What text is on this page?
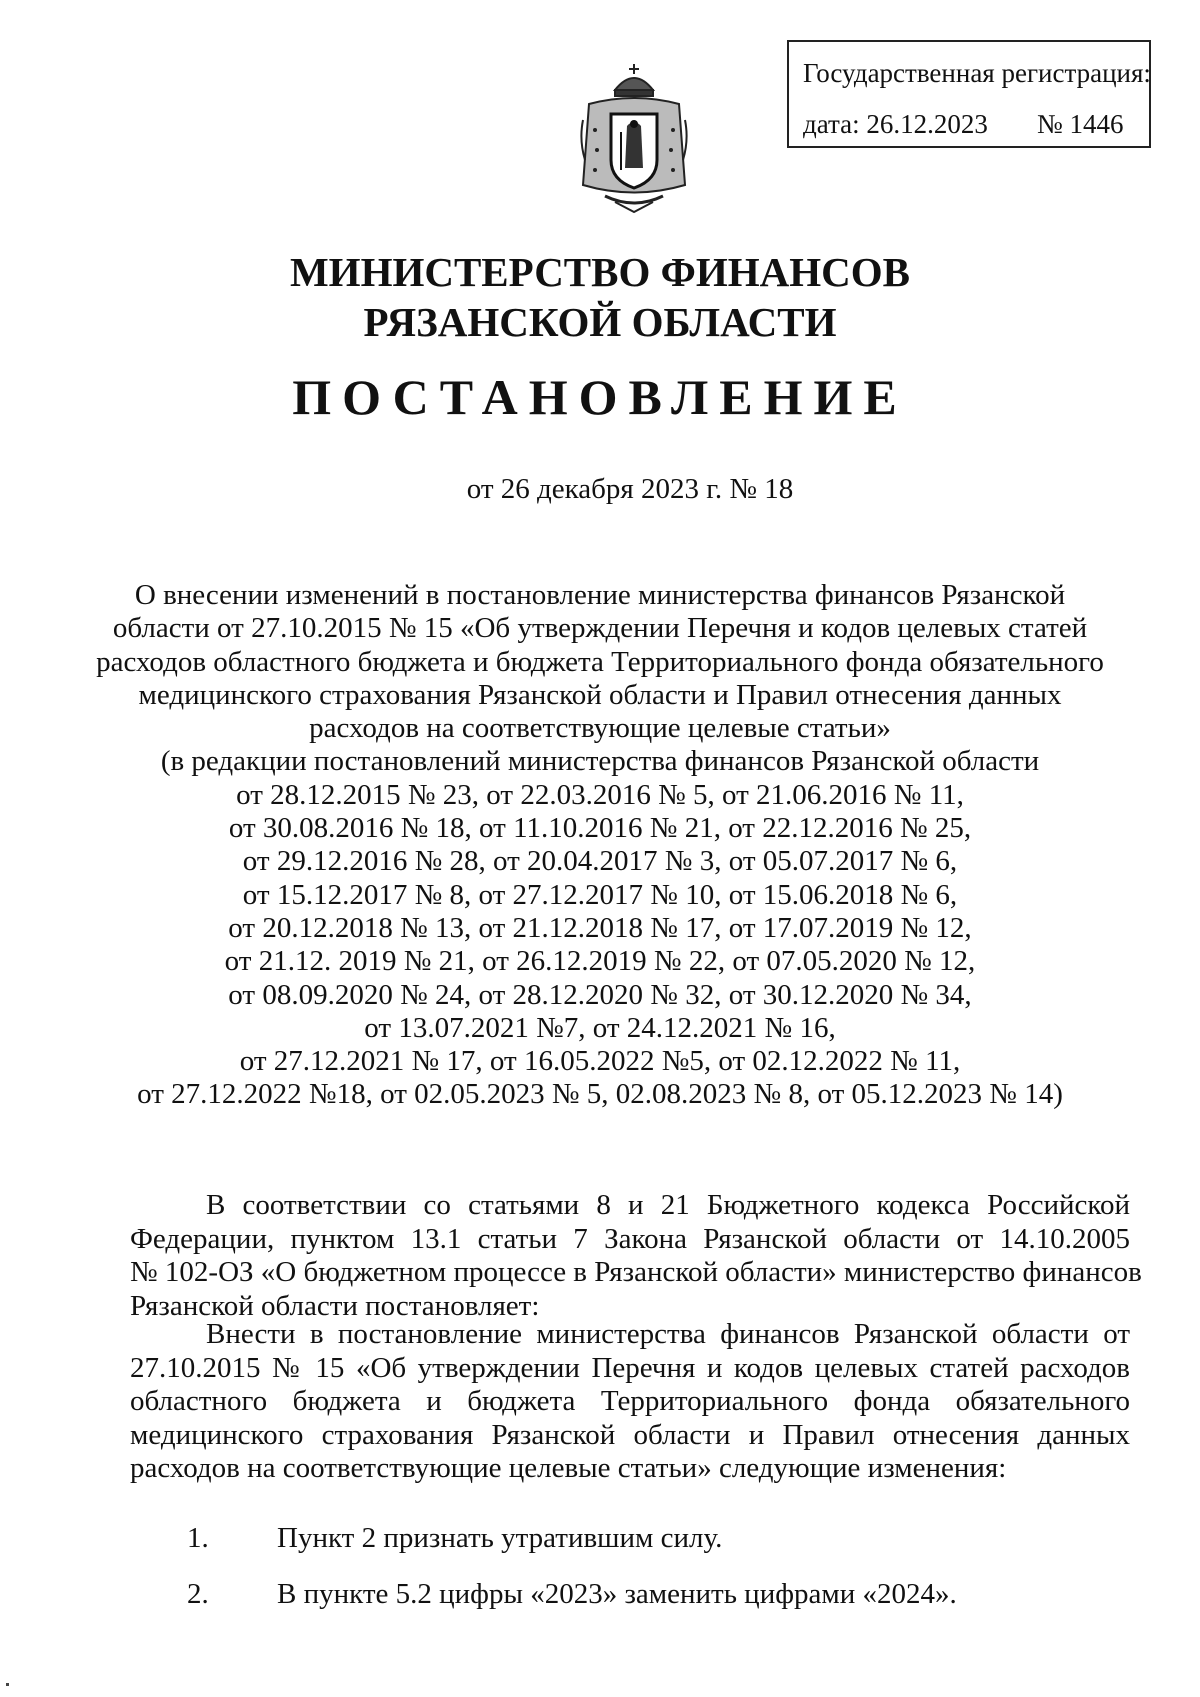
Государственная регистрация:
дата: 26.12.2023 № 1446
МИНИСТЕРСТВО ФИНАНСОВ
РЯЗАНСКОЙ ОБЛАСТИ
ПОСТАНОВЛЕНИЕ
от 26 декабря 2023 г. № 18
О внесении изменений в постановление министерства финансов Рязанской
области от 27.10.2015 № 15 «Об утверждении Перечня и кодов целевых статей
расходов областного бюджета и бюджета Территориального фонда обязательного
медицинского страхования Рязанской области и Правил отнесения данных
расходов на соответствующие целевые статьи»
(в редакции постановлений министерства финансов Рязанской области
от 28.12.2015 № 23, от 22.03.2016 № 5, от 21.06.2016 № 11,
от 30.08.2016 № 18, от 11.10.2016 № 21, от 22.12.2016 № 25,
от 29.12.2016 № 28, от 20.04.2017 № 3, от 05.07.2017 № 6,
от 15.12.2017 № 8, от 27.12.2017 № 10, от 15.06.2018 № 6,
от 20.12.2018 № 13, от 21.12.2018 № 17, от 17.07.2019 № 12,
от 21.12. 2019 № 21, от 26.12.2019 № 22, от 07.05.2020 № 12,
от 08.09.2020 № 24, от 28.12.2020 № 32, от 30.12.2020 № 34,
от 13.07.2021 №7, от 24.12.2021 № 16,
от 27.12.2021 № 17, от 16.05.2022 №5, от 02.12.2022 № 11,
от 27.12.2022 №18, от 02.05.2023 № 5, 02.08.2023 № 8, от 05.12.2023 № 14)
В соответствии со статьями 8 и 21 Бюджетного кодекса Российской
Федерации, пунктом 13.1 статьи 7 Закона Рязанской области от 14.10.2005
№ 102-ОЗ «О бюджетном процессе в Рязанской области» министерство финансов
Рязанской области постановляет:
Внести в постановление министерства финансов Рязанской области от
27.10.2015 № 15 «Об утверждении Перечня и кодов целевых статей расходов
областного бюджета и бюджета Территориального фонда обязательного
медицинского страхования Рязанской области и Правил отнесения данных
расходов на соответствующие целевые статьи» следующие изменения:
1. Пункт 2 признать утратившим силу.
2. В пункте 5.2 цифры «2023» заменить цифрами «2024».
